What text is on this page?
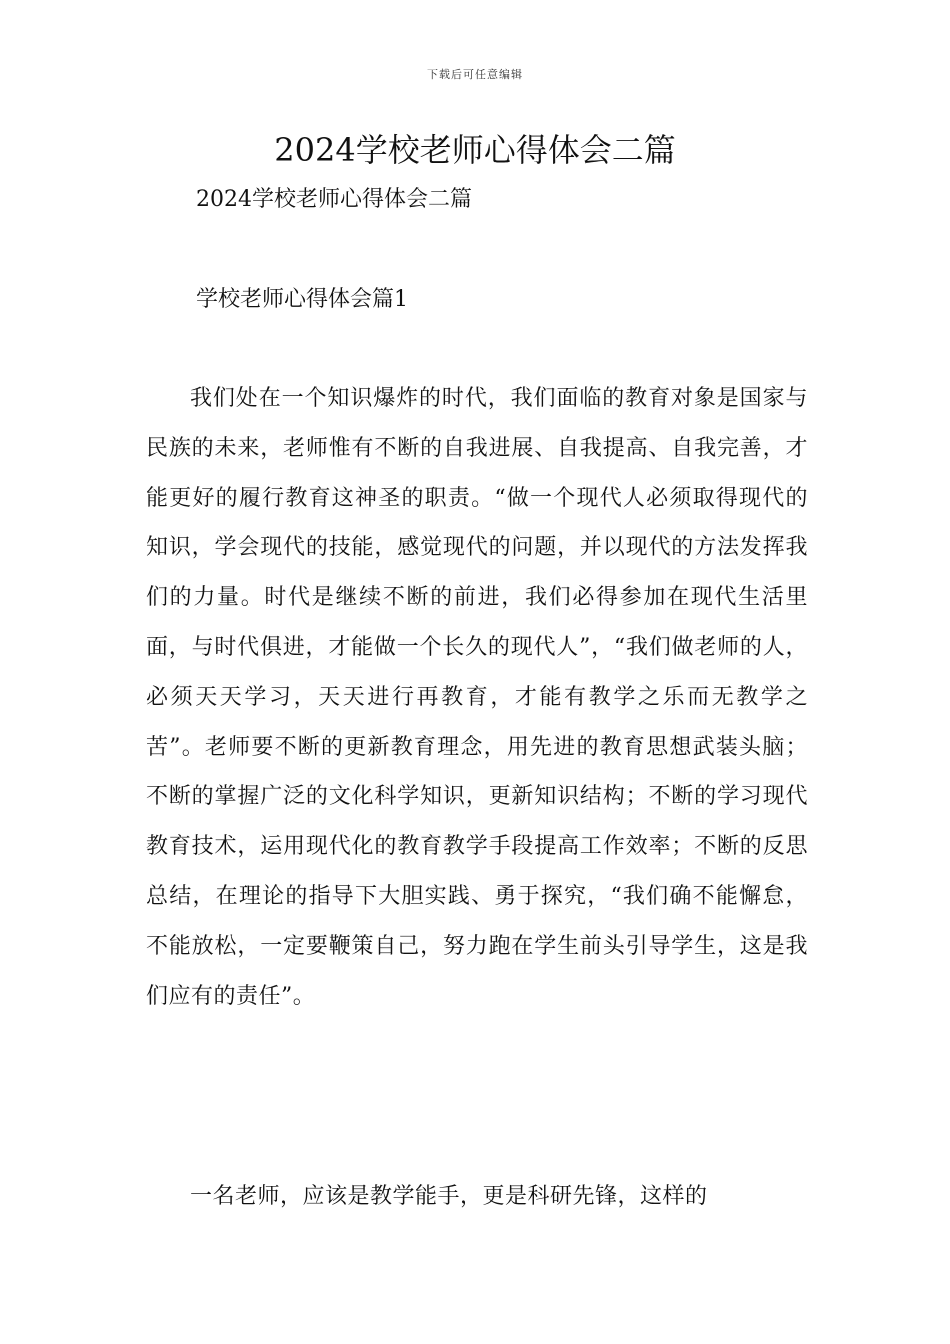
下载后可任意编辑
2024学校老师心得体会二篇
2024学校老师心得体会二篇
学校老师心得体会篇1

我们处在一个知识爆炸的时代，我们面临的教育对象是国家与民族的未来，老师惟有不断的自我进展、自我提高、自我完善，才能更好的履行教育这神圣的职责。“做一个现代人必须取得现代的知识，学会现代的技能，感觉现代的问题，并以现代的方法发挥我们的力量。时代是继续不断的前进，我们必得参加在现代生活里面，与时代俱进，才能做一个长久的现代人”，“我们做老师的人，必须天天学习，天天进行再教育，才能有教学之乐而无教学之苦”。老师要不断的更新教育理念，用先进的教育思想武装头脑；不断的掌握广泛的文化科学知识，更新知识结构；不断的学习现代教育技术，运用现代化的教育教学手段提高工作效率；不断的反思总结，在理论的指导下大胆实践、勇于探究，“我们确不能懈怠，不能放松，一定要鞭策自己，努力跑在学生前头引导学生，这是我们应有的责任”。

一名老师，应该是教学能手，更是科研先锋，这样的
